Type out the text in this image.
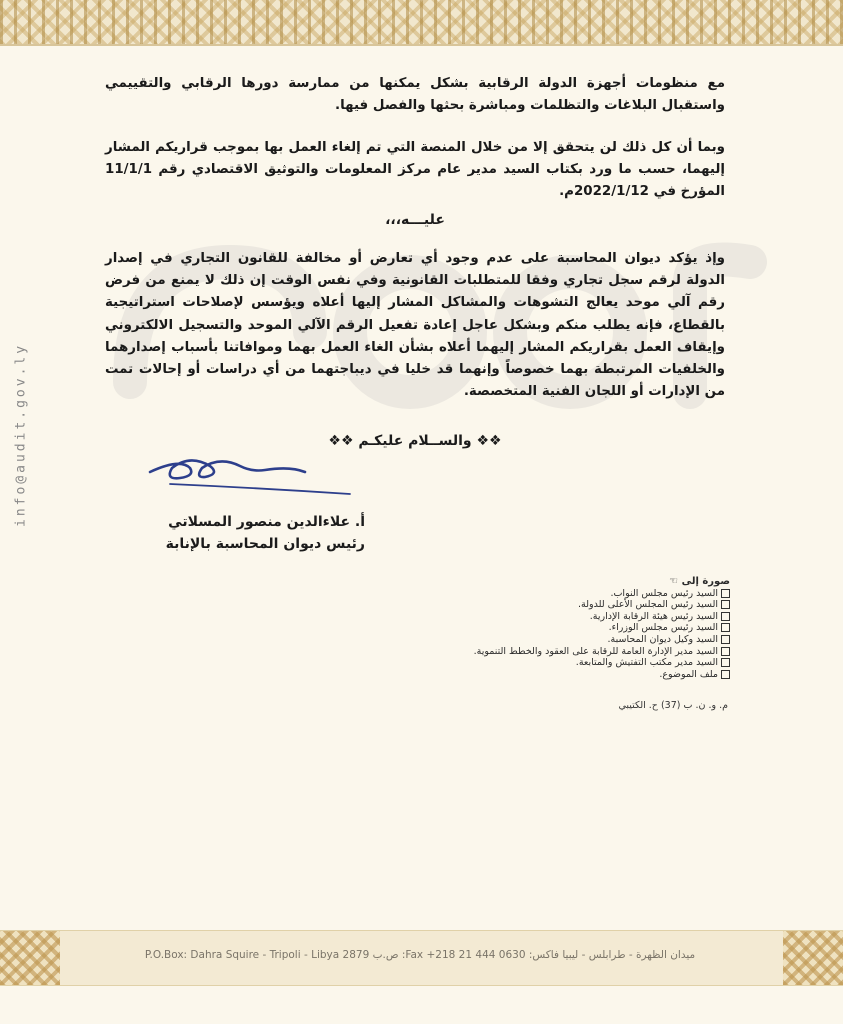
info@audit.gov.ly
مع منظومات أجهزة الدولة الرقابية بشكل يمكنها من ممارسة دورها الرقابي والتقييمي واستقبال البلاغات والتظلمات ومباشرة بحثها والفصل فيها.
وبما أن كل ذلك لن يتحقق إلا من خلال المنصة التي تم إلغاء العمل بها بموجب قراريكم المشار إليهما، حسب ما ورد بكتاب السيد مدير عام مركز المعلومات والتوثيق الاقتصادي رقم 11/1/1 المؤرخ في 2022/1/12م.
عليـــه،،،
وإذ يؤكد ديوان المحاسبة على عدم وجود أي تعارض أو مخالفة للقانون التجاري في إصدار الدولة لرقم سجل تجاري وفقا للمتطلبات القانونية وفي نفس الوقت إن ذلك لا يمنع من فرض رقم آلي موحد يعالج التشوهات والمشاكل المشار إليها أعلاه ويؤسس لإصلاحات استراتيجية بالقطاع، فإنه يطلب منكم وبشكل عاجل إعادة تفعيل الرقم الآلي الموحد والتسجيل الالكتروني وإيقاف العمل بقراريكم المشار إليهما أعلاه بشأن الغاء العمل بهما وموافاتنا بأسباب إصدارهما والخلفيات المرتبطة بهما خصوصاً وإنهما قد خليا في ديباجتهما من أي دراسات أو إحالات تمت من الإدارات أو اللجان الفنية المتخصصة.
❖❖ والســلام عليكـم ❖❖
أ. علاءالدين منصور المسلاتي
رئيس ديوان المحاسبة بالإنابة
صورة إلى ☜
السيد رئيس مجلس النواب.
السيد رئيس المجلس الأعلى للدولة.
السيد رئيس هيئة الرقابة الإدارية.
السيد رئيس مجلس الوزراء.
السيد وكيل ديوان المحاسبة.
السيد مدير الإدارة العامة للرقابة على العقود والخطط التنموية.
السيد مدير مكتب التفتيش والمتابعة.
ملف الموضوع.
م. و. ن. ب (37) ح. الكتيبي
ميدان الظهرة - طرابلس - ليبيا فاكس: 0630 444 21 218+ Fax: ص.ب 2879 P.O.Box: Dahra Squire - Tripoli - Libya
